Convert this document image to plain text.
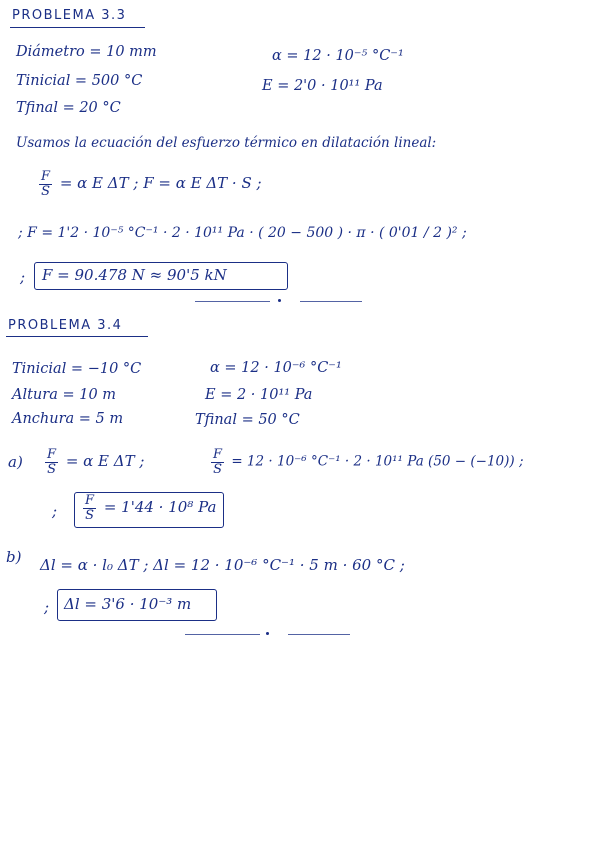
PROBLEMA 3.3
Diámetro = 10 mm
Tinicial = 500 °C
Tfinal = 20 °C
α = 12 · 10⁻⁵ °C⁻¹
E = 2'0 · 10¹¹ Pa
Usamos la ecuación del esfuerzo térmico en dilatación lineal:
$\frac{F}{S} = \alpha$ E ΔT ; F = α E ΔT · S ;
; F = 1'2 · 10⁻⁵ °C⁻¹ · 2 · 10¹¹ Pa · ( 20 − 500 ) · π · ( 0'01 / 2 )² ;
; F = 90.478 N ≈ 90'5 kN
PROBLEMA 3.4
Tinicial = −10 °C
Altura = 10 m
Anchura = 5 m
α = 12 · 10⁻⁶ °C⁻¹
E = 2 · 10¹¹ Pa
Tfinal = 50 °C
$a) \frac{F}{S} = \alpha$ E ΔT ;	$\frac{F}{S} = 12 \cdot 10^{-6}$ °C⁻¹ · 2 · 10¹¹ Pa (50 − (−10)) ;
; $\frac{F}{S} = 1'44 \cdot 10^8$ Pa
b) Δl = α · l₀ ΔT ; Δl = 12 · 10⁻⁶ °C⁻¹ · 5 m · 60 °C ;
; Δl = 3'6 · 10⁻³ m
